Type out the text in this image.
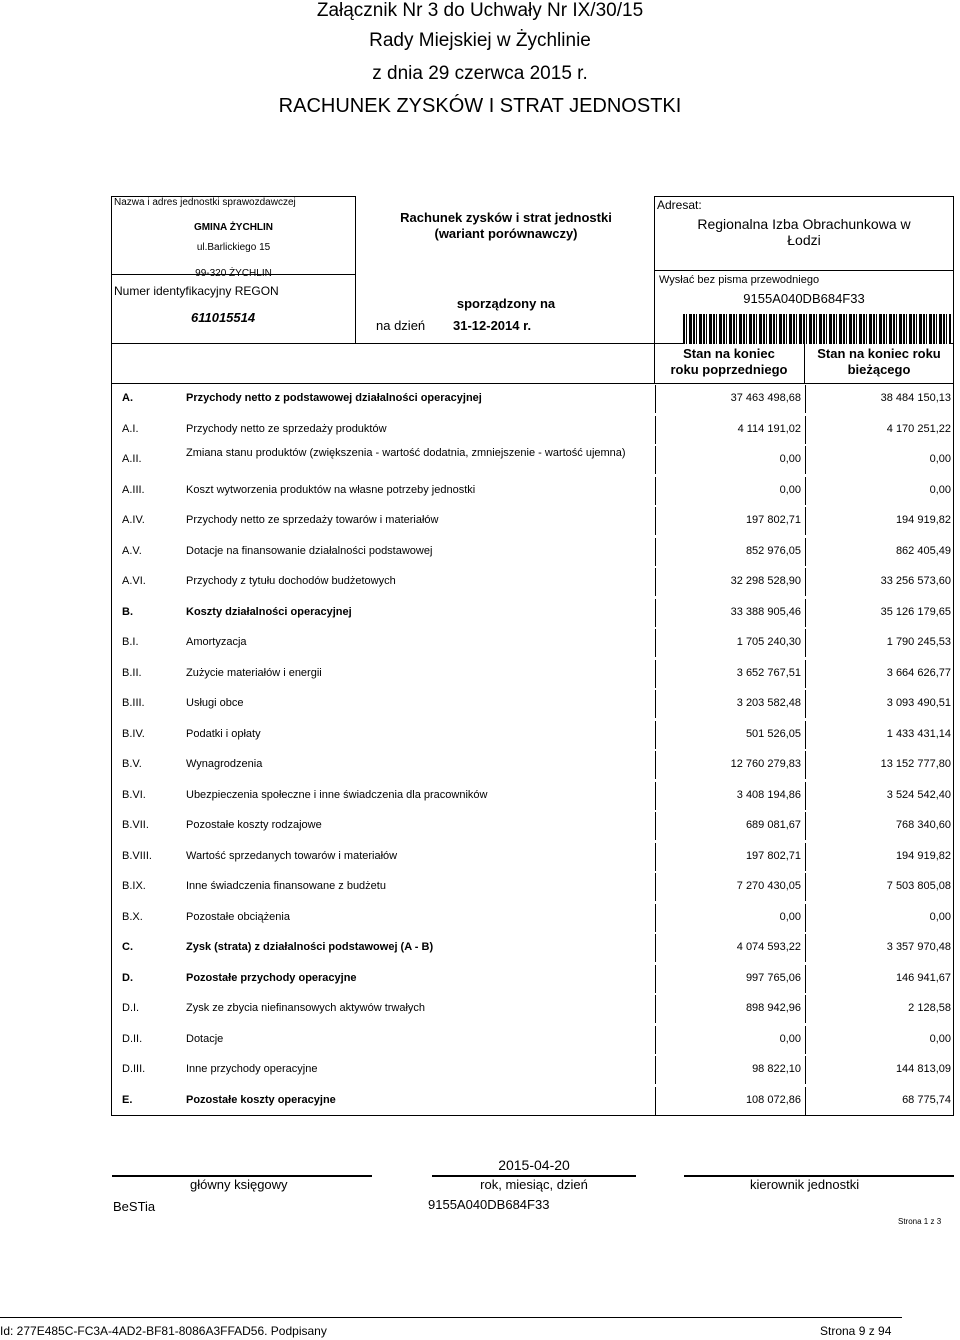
Załącznik Nr 3 do Uchwały Nr IX/30/15
Rady Miejskiej w Żychlinie
z dnia 29 czerwca 2015 r.
RACHUNEK ZYSKÓW I STRAT JEDNOSTKI
Nazwa i adres jednostki sprawozdawczej
GMINA ŻYCHLIN
ul.Barlickiego 15
99-320 ŻYCHLIN
Numer identyfikacyjny REGON
611015514
Rachunek zysków i strat jednostki
(wariant porównawczy)
sporządzony na
na dzień 31-12-2014 r.
Adresat:
Regionalna Izba Obrachunkowa w
Łodzi
Wysłać bez pisma przewodniego
9155A040DB684F33
Stan na koniec
roku poprzedniego
Stan na koniec roku
bieżącego
A.	Przychody netto z podstawowej działalności operacyjnej	37 463 498,68	38 484 150,13
A.I.	Przychody netto ze sprzedaży produktów	4 114 191,02	4 170 251,22
A.II.	Zmiana stanu produktów (zwiększenia - wartość dodatnia, zmniejszenie - wartość ujemna)	0,00	0,00
A.III.	Koszt wytworzenia produktów na własne potrzeby jednostki	0,00	0,00
A.IV.	Przychody netto ze sprzedaży towarów i materiałów	197 802,71	194 919,82
A.V.	Dotacje na finansowanie działalności podstawowej	852 976,05	862 405,49
A.VI.	Przychody z tytułu dochodów budżetowych	32 298 528,90	33 256 573,60
B.	Koszty działalności operacyjnej	33 388 905,46	35 126 179,65
B.I.	Amortyzacja	1 705 240,30	1 790 245,53
B.II.	Zużycie materiałów i energii	3 652 767,51	3 664 626,77
B.III.	Usługi obce	3 203 582,48	3 093 490,51
B.IV.	Podatki i opłaty	501 526,05	1 433 431,14
B.V.	Wynagrodzenia	12 760 279,83	13 152 777,80
B.VI.	Ubezpieczenia społeczne i inne świadczenia dla pracowników	3 408 194,86	3 524 542,40
B.VII.	Pozostałe koszty rodzajowe	689 081,67	768 340,60
B.VIII.	Wartość sprzedanych towarów i materiałów	197 802,71	194 919,82
B.IX.	Inne świadczenia finansowane z budżetu	7 270 430,05	7 503 805,08
B.X.	Pozostałe obciążenia	0,00	0,00
C.	Zysk (strata) z działalności podstawowej (A - B)	4 074 593,22	3 357 970,48
D.	Pozostałe przychody operacyjne	997 765,06	146 941,67
D.I.	Zysk ze zbycia niefinansowych aktywów trwałych	898 942,96	2 128,58
D.II.	Dotacje	0,00	0,00
D.III.	Inne przychody operacyjne	98 822,10	144 813,09
E.	Pozostałe koszty operacyjne	108 072,86	68 775,74
2015-04-20
główny księgowy	rok, miesiąc, dzień	kierownik jednostki
BeSTia	9155A040DB684F33
Strona 1 z 3
Id: 277E485C-FC3A-4AD2-BF81-8086A3FFAD56. Podpisany	Strona 9 z 94
